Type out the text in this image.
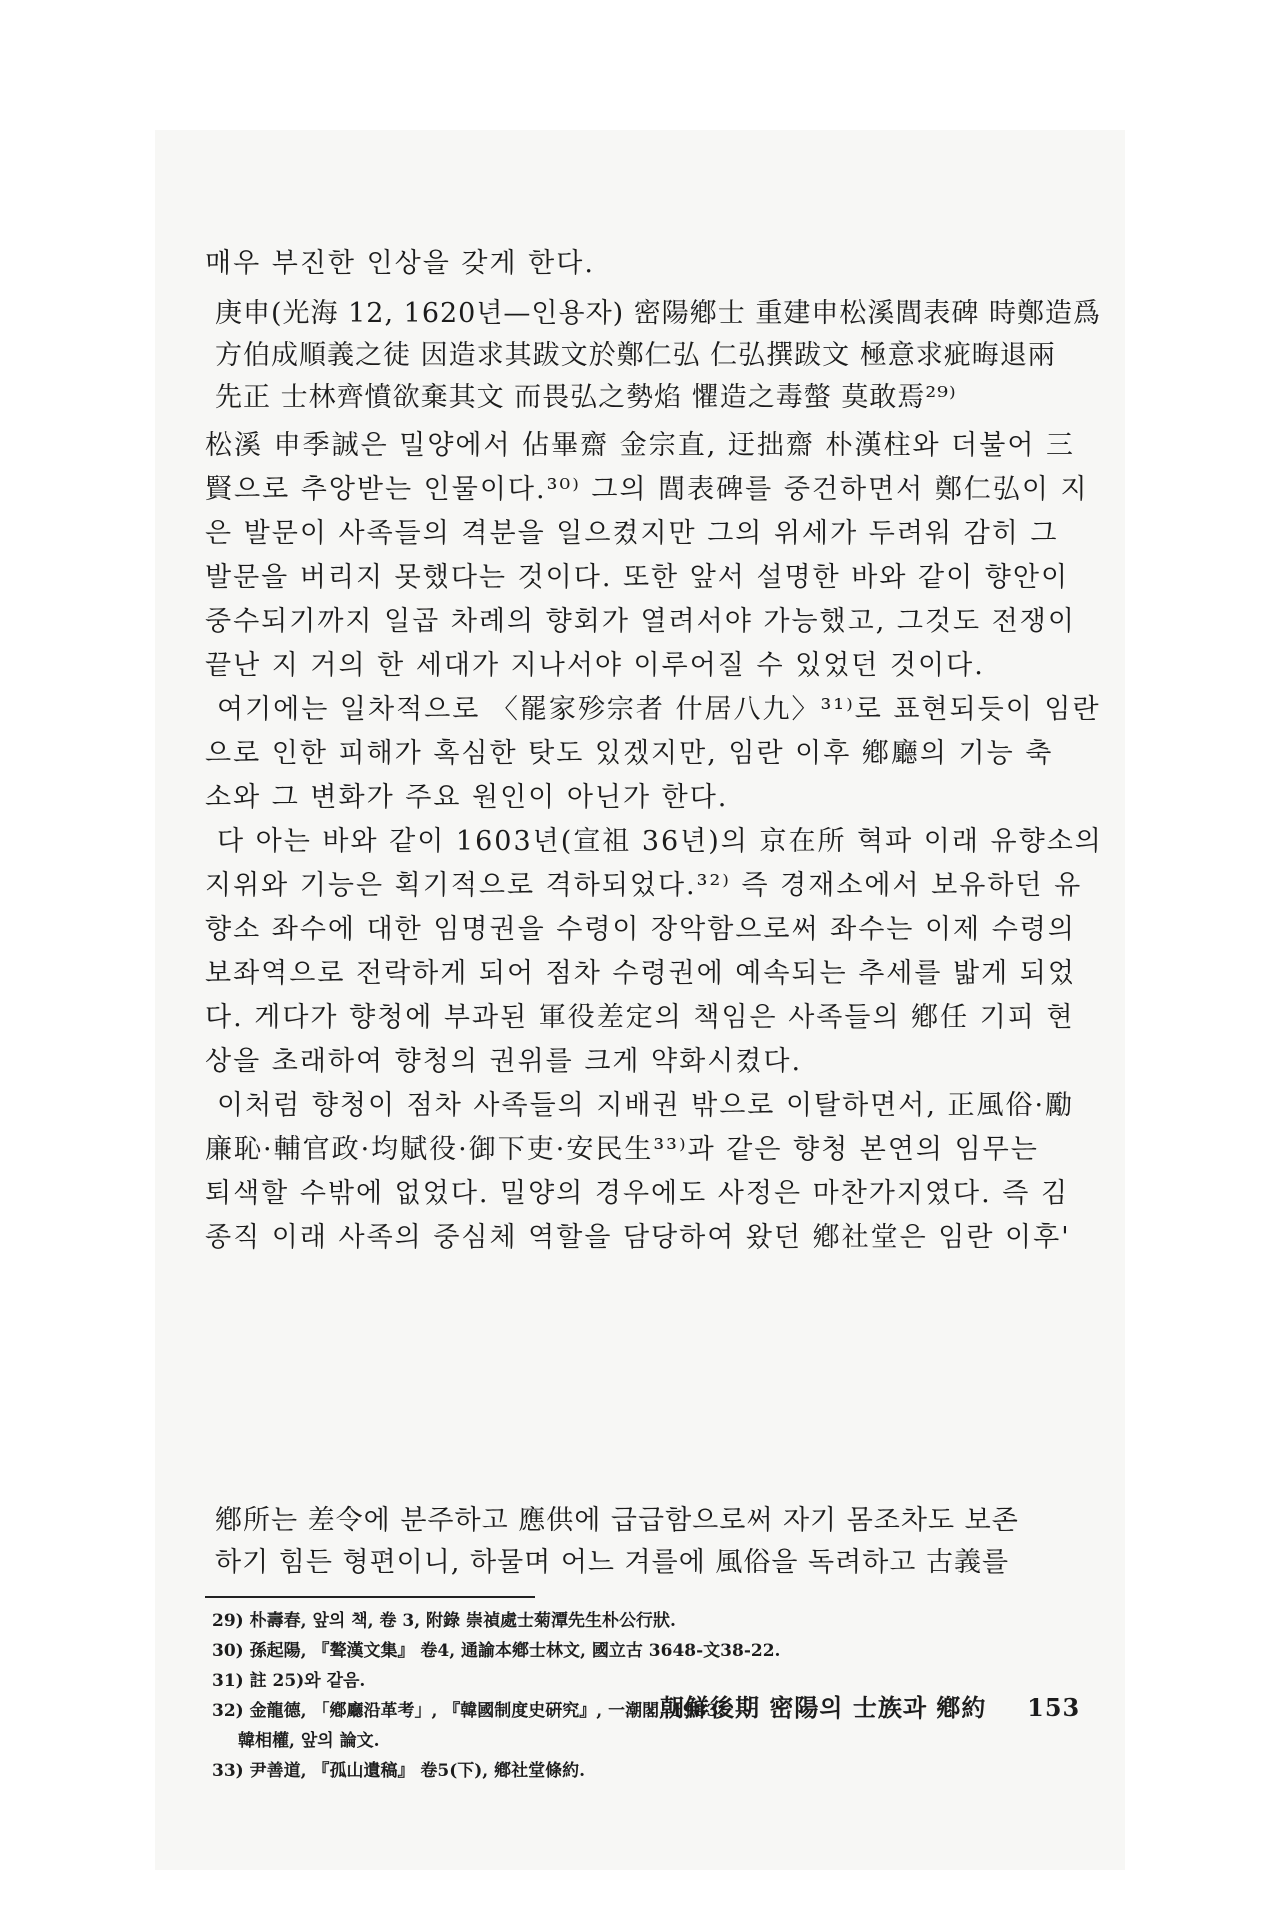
매우 부진한 인상을 갖게 한다.
庚申(光海 12, 1620년—인용자) 密陽鄕士 重建申松溪閭表碑 時鄭造爲
方伯成順義之徒 因造求其跋文於鄭仁弘 仁弘撰跋文 極意求疵晦退兩
先正 士林齊憤欲棄其文 而畏弘之勢焰 懼造之毒螫 莫敢焉²⁹⁾
松溪 申季誠은 밀양에서 佔畢齋 金宗直, 迂拙齋 朴漢柱와 더불어 三
賢으로 추앙받는 인물이다.³⁰⁾ 그의 閭表碑를 중건하면서 鄭仁弘이 지
은 발문이 사족들의 격분을 일으켰지만 그의 위세가 두려워 감히 그
발문을 버리지 못했다는 것이다. 또한 앞서 설명한 바와 같이 향안이
중수되기까지 일곱 차례의 향회가 열려서야 가능했고, 그것도 전쟁이
끝난 지 거의 한 세대가 지나서야 이루어질 수 있었던 것이다.
여기에는 일차적으로 〈罷家殄宗者 什居八九〉³¹⁾로 표현되듯이 임란
으로 인한 피해가 혹심한 탓도 있겠지만, 임란 이후 鄕廳의 기능 축
소와 그 변화가 주요 원인이 아닌가 한다.
다 아는 바와 같이 1603년(宣祖 36년)의 京在所 혁파 이래 유향소의
지위와 기능은 획기적으로 격하되었다.³²⁾ 즉 경재소에서 보유하던 유
향소 좌수에 대한 임명권을 수령이 장악함으로써 좌수는 이제 수령의
보좌역으로 전락하게 되어 점차 수령권에 예속되는 추세를 밟게 되었
다. 게다가 향청에 부과된 軍役差定의 책임은 사족들의 鄕任 기피 현
상을 초래하여 향청의 권위를 크게 약화시켰다.
이처럼 향청이 점차 사족들의 지배권 밖으로 이탈하면서, 正風俗·勵
廉恥·輔官政·均賦役·御下吏·安民生³³⁾과 같은 향청 본연의 임무는
퇴색할 수밖에 없었다. 밀양의 경우에도 사정은 마찬가지였다. 즉 김
종직 이래 사족의 중심체 역할을 담당하여 왔던 鄕社堂은 임란 이후'
鄕所는 差令에 분주하고 應供에 급급함으로써 자기 몸조차도 보존
하기 힘든 형편이니, 하물며 어느 겨를에 風俗을 독려하고 古義를
29) 朴壽春, 앞의 책, 卷 3, 附錄 崇禎處士菊潭先生朴公行狀.
30) 孫起陽, 『聱漢文集』 卷4, 通諭本鄕士林文, 國立古 3648-文38-22.
31) 註 25)와 같음.
32) 金龍德, 「鄕廳沿革考」, 『韓國制度史硏究』, 一潮閣, 1983.
韓相權, 앞의 論文.
33) 尹善道, 『孤山遺稿』 卷5(下), 鄕社堂條約.
朝鮮後期 密陽의 士族과 鄕約 153
